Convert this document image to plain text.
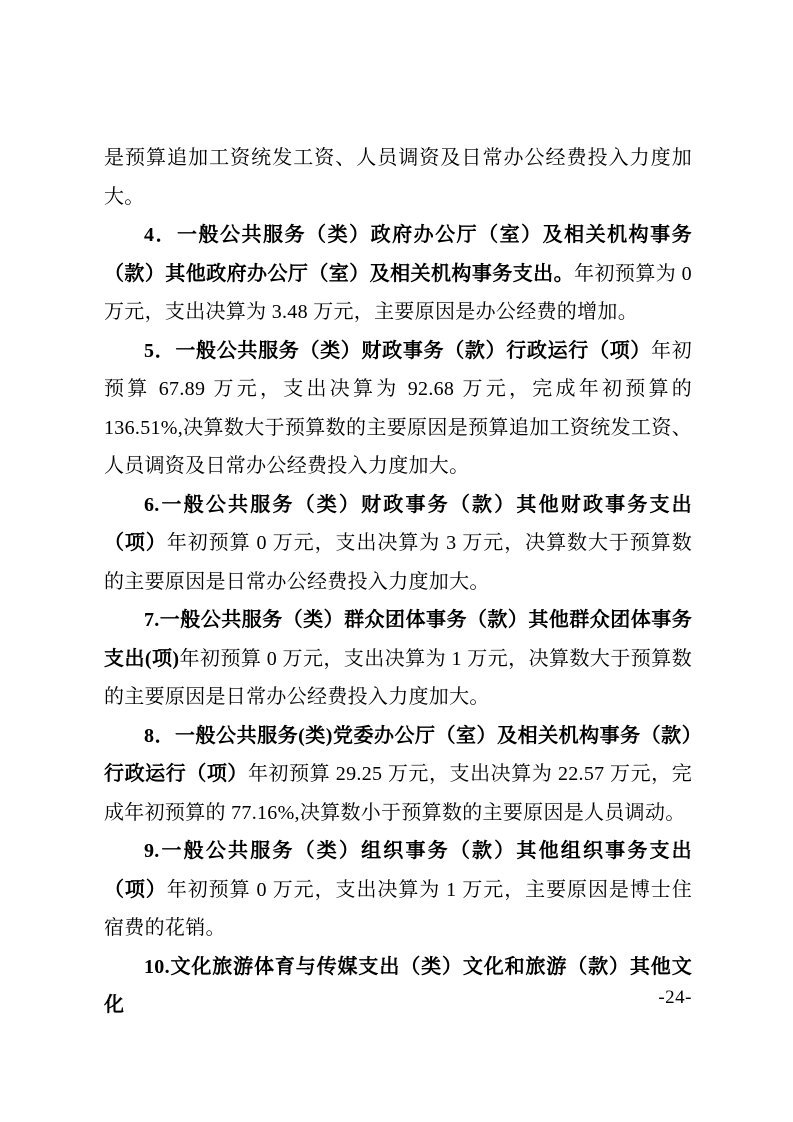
是预算追加工资统发工资、人员调资及日常办公经费投入力度加大。

4．一般公共服务（类）政府办公厅（室）及相关机构事务（款）其他政府办公厅（室）及相关机构事务支出。年初预算为 0 万元，支出决算为 3.48 万元，主要原因是办公经费的增加。

5．一般公共服务（类）财政事务（款）行政运行（项）年初预算 67.89 万元，支出决算为 92.68 万元，完成年初预算的 136.51%,决算数大于预算数的主要原因是预算追加工资统发工资、人员调资及日常办公经费投入力度加大。

6.一般公共服务（类）财政事务（款）其他财政事务支出（项）年初预算 0 万元，支出决算为 3 万元，决算数大于预算数的主要原因是日常办公经费投入力度加大。

7.一般公共服务（类）群众团体事务（款）其他群众团体事务支出(项)年初预算 0 万元，支出决算为 1 万元，决算数大于预算数的主要原因是日常办公经费投入力度加大。

8．一般公共服务(类)党委办公厅（室）及相关机构事务（款）行政运行（项）年初预算 29.25 万元，支出决算为 22.57 万元，完成年初预算的 77.16%,决算数小于预算数的主要原因是人员调动。

9.一般公共服务（类）组织事务（款）其他组织事务支出（项）年初预算 0 万元，支出决算为 1 万元，主要原因是博士住宿费的花销。

10.文化旅游体育与传媒支出（类）文化和旅游（款）其他文化	-24-
